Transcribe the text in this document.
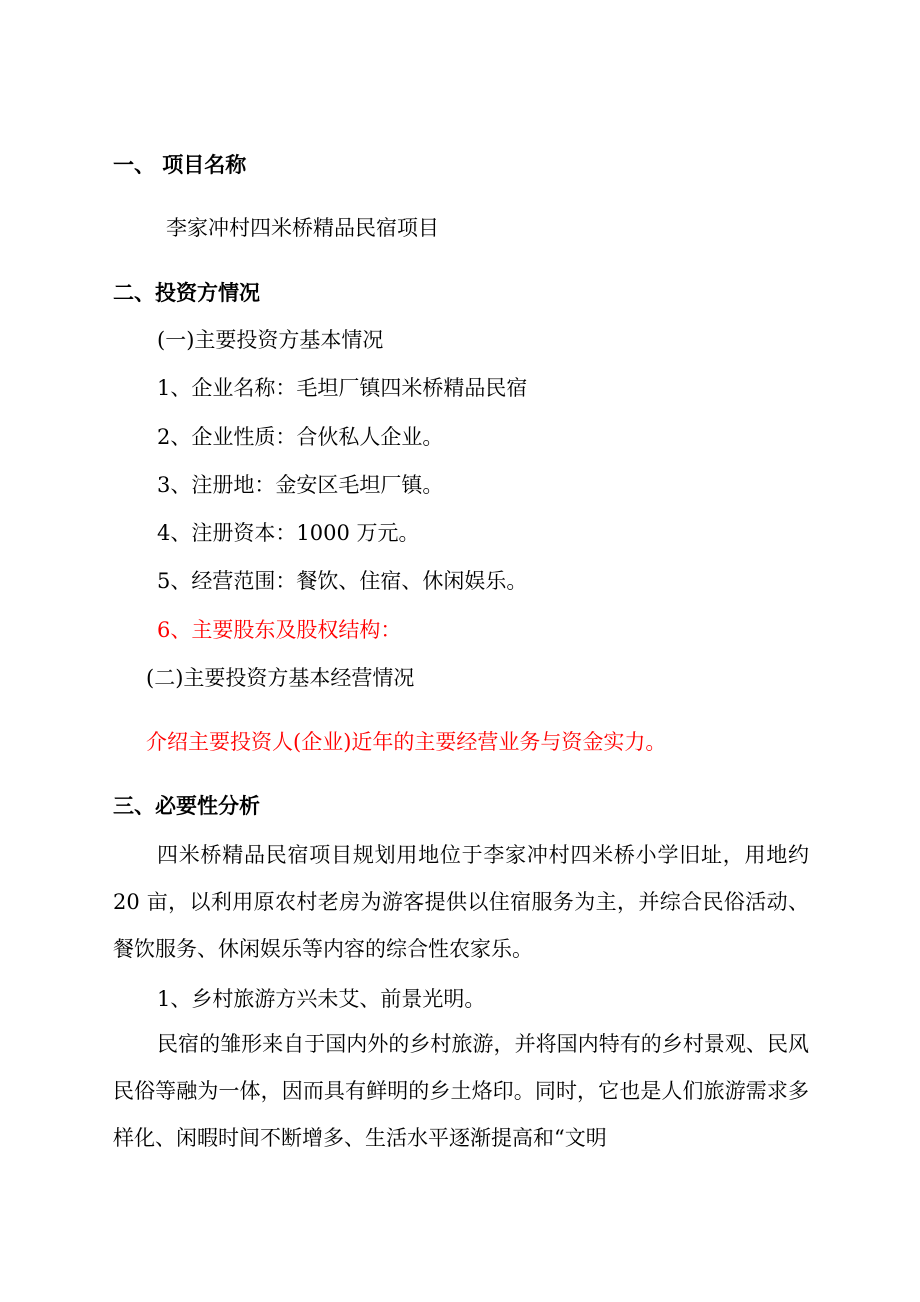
一、 项目名称
李家冲村四米桥精品民宿项目
二、投资方情况
(一)主要投资方基本情况
1、企业名称：毛坦厂镇四米桥精品民宿
2、企业性质：合伙私人企业。
3、注册地：金安区毛坦厂镇。
4、注册资本：1000 万元。
5、经营范围：餐饮、住宿、休闲娱乐。
6、主要股东及股权结构：
(二)主要投资方基本经营情况
介绍主要投资人(企业)近年的主要经营业务与资金实力。
三、必要性分析
四米桥精品民宿项目规划用地位于李家冲村四米桥小学旧址，用地约 20 亩，以利用原农村老房为游客提供以住宿服务为主，并综合民俗活动、餐饮服务、休闲娱乐等内容的综合性农家乐。
1、乡村旅游方兴未艾、前景光明。
民宿的雏形来自于国内外的乡村旅游，并将国内特有的乡村景观、民风民俗等融为一体，因而具有鲜明的乡土烙印。同时，它也是人们旅游需求多样化、闲暇时间不断增多、生活水平逐渐提高和“文明
